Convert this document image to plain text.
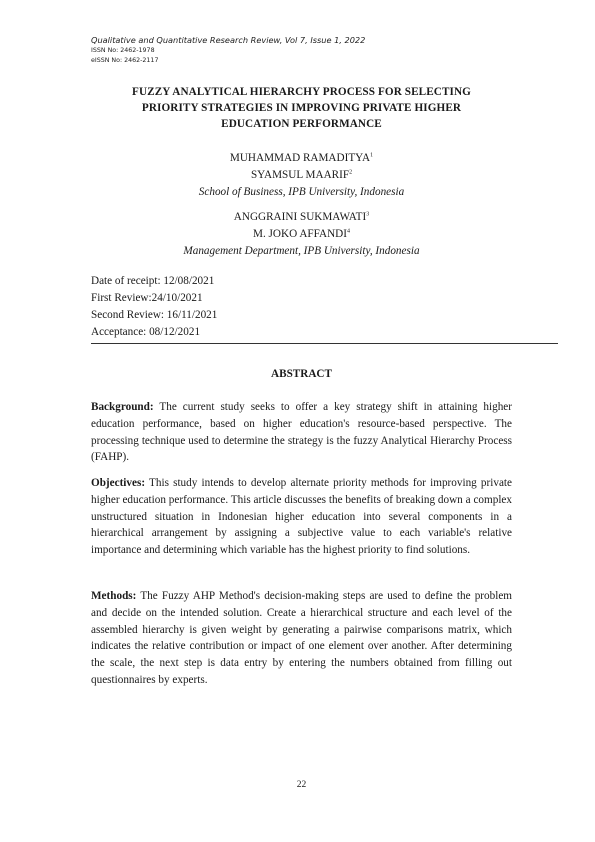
Qualitative and Quantitative Research Review, Vol 7, Issue 1, 2022
ISSN No: 2462-1978
eISSN No: 2462-2117
FUZZY ANALYTICAL HIERARCHY PROCESS FOR SELECTING
PRIORITY STRATEGIES IN IMPROVING PRIVATE HIGHER
EDUCATION PERFORMANCE
MUHAMMAD RAMADITYA$^1$
SYAMSUL MAARIF$^2$
School of Business, IPB University, Indonesia
ANGGRAINI SUKMAWATI$^3$
M. JOKO AFFANDI$^4$
Management Department, IPB University, Indonesia
Date of receipt: 12/08/2021
First Review:24/10/2021
Second Review: 16/11/2021
Acceptance: 08/12/2021
ABSTRACT
Background: The current study seeks to offer a key strategy shift in attaining higher education performance, based on higher education's resource-based perspective. The processing technique used to determine the strategy is the fuzzy Analytical Hierarchy Process (FAHP).
Objectives: This study intends to develop alternate priority methods for improving private higher education performance. This article discusses the benefits of breaking down a complex unstructured situation in Indonesian higher education into several components in a hierarchical arrangement by assigning a subjective value to each variable's relative importance and determining which variable has the highest priority to find solutions.
Methods: The Fuzzy AHP Method's decision-making steps are used to define the problem and decide on the intended solution. Create a hierarchical structure and each level of the assembled hierarchy is given weight by generating a pairwise comparisons matrix, which indicates the relative contribution or impact of one element over another. After determining the scale, the next step is data entry by entering the numbers obtained from filling out questionnaires by experts.
22
